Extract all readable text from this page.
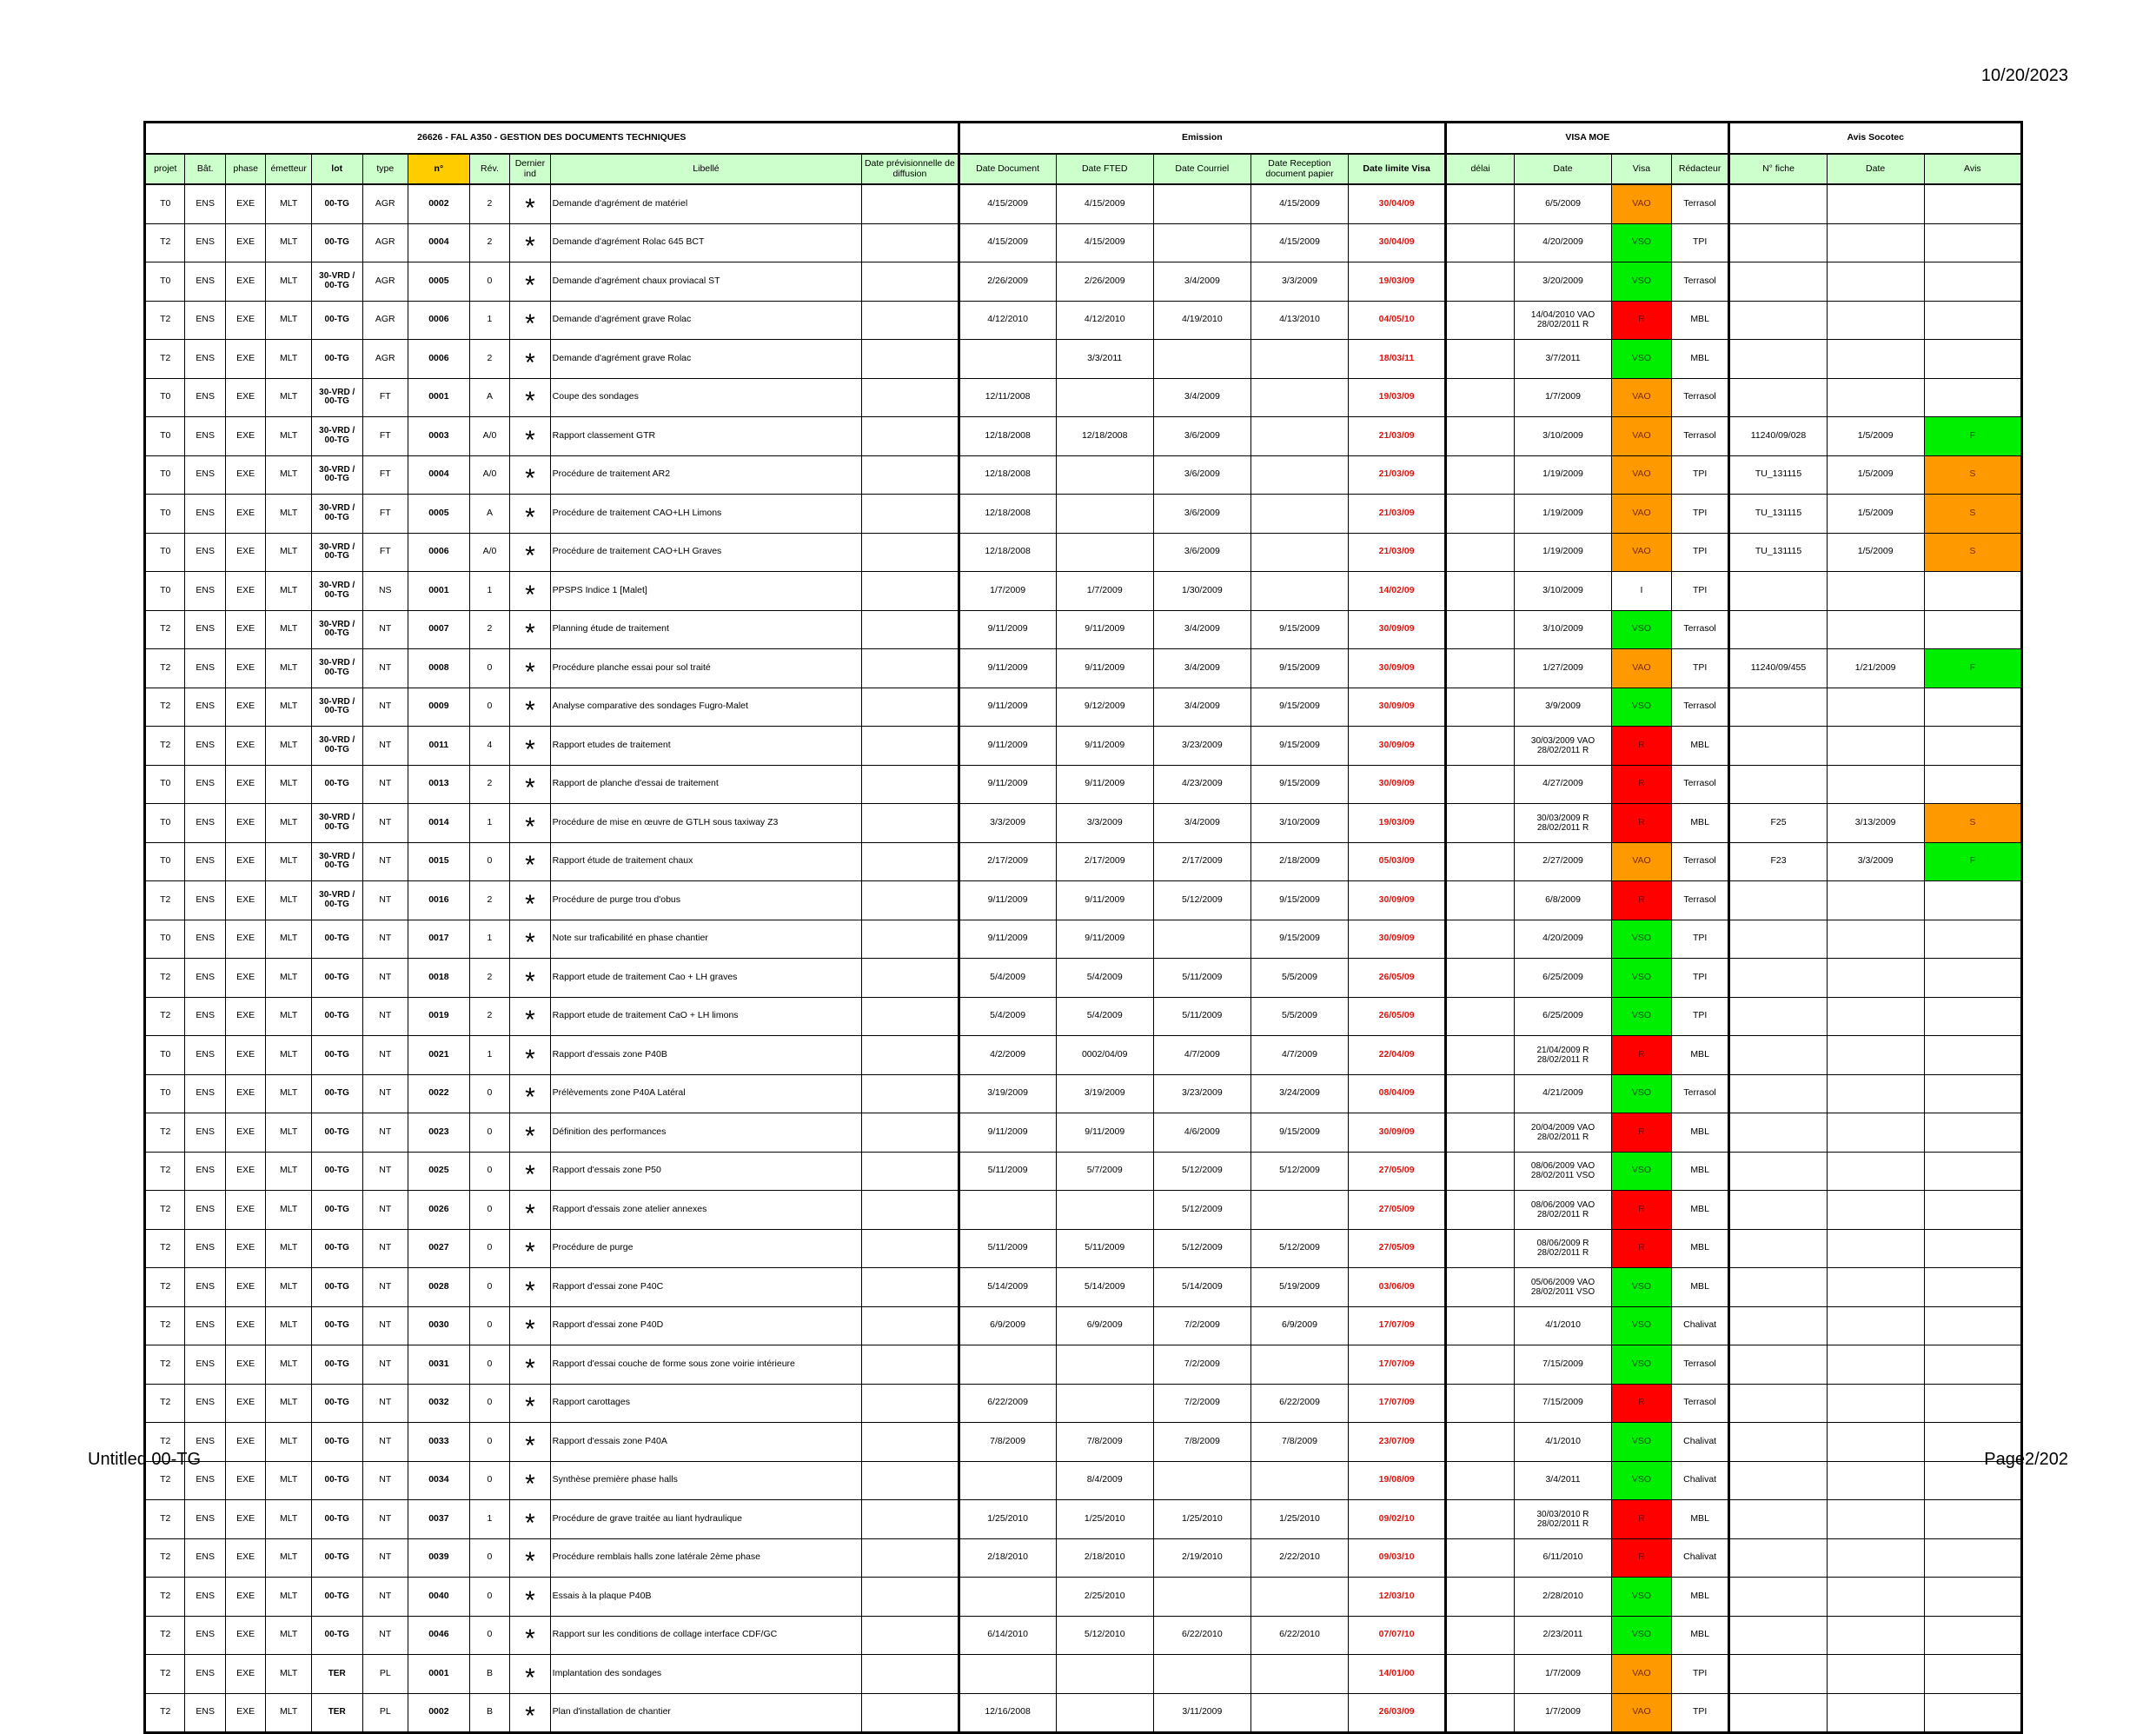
10/20/2023
26626 - FAL A350 - GESTION DES DOCUMENTS TECHNIQUES											Emission					VISA MOE				Avis Socotec		
projet	Bât.	phase	émetteur	lot	type	n°	Rév.	Dernier ind	Libellé	Date prévisionnelle de diffusion	Date Document	Date FTED	Date Courriel	Date Reception document papier	Date limite Visa	délai	Date	Visa	Rédacteur	N° fiche	Date	Avis
T0	ENS	EXE	MLT	00-TG	AGR	0002	2	*	Demande d'agrément de matériel		4/15/2009	4/15/2009		4/15/2009	30/04/09		6/5/2009	VAO	Terrasol			
T2	ENS	EXE	MLT	00-TG	AGR	0004	2	*	Demande d'agrément Rolac 645 BCT		4/15/2009	4/15/2009		4/15/2009	30/04/09		4/20/2009	VSO	TPI			
T0	ENS	EXE	MLT	30-VRD / 00-TG	AGR	0005	0	*	Demande d'agrément chaux proviacal ST		2/26/2009	2/26/2009	3/4/2009	3/3/2009	19/03/09		3/20/2009	VSO	Terrasol			
T2	ENS	EXE	MLT	00-TG	AGR	0006	1	*	Demande d'agrément grave Rolac		4/12/2010	4/12/2010	4/19/2010	4/13/2010	04/05/10		14/04/2010 VAO 28/02/2011 R	R	MBL			
T2	ENS	EXE	MLT	00-TG	AGR	0006	2	*	Demande d'agrément grave Rolac			3/3/2011			18/03/11		3/7/2011	VSO	MBL			
T0	ENS	EXE	MLT	30-VRD / 00-TG	FT	0001	A	*	Coupe des sondages		12/11/2008		3/4/2009		19/03/09		1/7/2009	VAO	Terrasol			
T0	ENS	EXE	MLT	30-VRD / 00-TG	FT	0003	A/0	*	Rapport classement GTR		12/18/2008	12/18/2008	3/6/2009		21/03/09		3/10/2009	VAO	Terrasol	11240/09/028	1/5/2009	F
T0	ENS	EXE	MLT	30-VRD / 00-TG	FT	0004	A/0	*	Procédure de traitement AR2		12/18/2008		3/6/2009		21/03/09		1/19/2009	VAO	TPI	TU_131115	1/5/2009	S
T0	ENS	EXE	MLT	30-VRD / 00-TG	FT	0005	A	*	Procédure de traitement CAO+LH Limons		12/18/2008		3/6/2009		21/03/09		1/19/2009	VAO	TPI	TU_131115	1/5/2009	S
T0	ENS	EXE	MLT	30-VRD / 00-TG	FT	0006	A/0	*	Procédure de traitement CAO+LH Graves		12/18/2008		3/6/2009		21/03/09		1/19/2009	VAO	TPI	TU_131115	1/5/2009	S
T0	ENS	EXE	MLT	30-VRD / 00-TG	NS	0001	1	*	PPSPS Indice 1 [Malet]		1/7/2009	1/7/2009	1/30/2009		14/02/09		3/10/2009	I	TPI			
T2	ENS	EXE	MLT	30-VRD / 00-TG	NT	0007	2	*	Planning étude de traitement		9/11/2009	9/11/2009	3/4/2009	9/15/2009	30/09/09		3/10/2009	VSO	Terrasol			
T2	ENS	EXE	MLT	30-VRD / 00-TG	NT	0008	0	*	Procédure planche essai pour sol traité		9/11/2009	9/11/2009	3/4/2009	9/15/2009	30/09/09		1/27/2009	VAO	TPI	11240/09/455	1/21/2009	F
T2	ENS	EXE	MLT	30-VRD / 00-TG	NT	0009	0	*	Analyse comparative des sondages Fugro-Malet		9/11/2009	9/12/2009	3/4/2009	9/15/2009	30/09/09		3/9/2009	VSO	Terrasol			
T2	ENS	EXE	MLT	30-VRD / 00-TG	NT	0011	4	*	Rapport etudes de traitement		9/11/2009	9/11/2009	3/23/2009	9/15/2009	30/09/09		30/03/2009 VAO 28/02/2011 R	R	MBL			
T0	ENS	EXE	MLT	00-TG	NT	0013	2	*	Rapport de planche d'essai de traitement		9/11/2009	9/11/2009	4/23/2009	9/15/2009	30/09/09		4/27/2009	R	Terrasol			
T0	ENS	EXE	MLT	30-VRD / 00-TG	NT	0014	1	*	Procédure de mise en œuvre de GTLH sous taxiway Z3		3/3/2009	3/3/2009	3/4/2009	3/10/2009	19/03/09		30/03/2009 R 28/02/2011 R	R	MBL	F25	3/13/2009	S
T0	ENS	EXE	MLT	30-VRD / 00-TG	NT	0015	0	*	Rapport étude de traitement chaux		2/17/2009	2/17/2009	2/17/2009	2/18/2009	05/03/09		2/27/2009	VAO	Terrasol	F23	3/3/2009	F
T2	ENS	EXE	MLT	30-VRD / 00-TG	NT	0016	2	*	Procédure de purge trou d'obus		9/11/2009	9/11/2009	5/12/2009	9/15/2009	30/09/09		6/8/2009	R	Terrasol			
T0	ENS	EXE	MLT	00-TG	NT	0017	1	*	Note sur traficabilité en phase chantier		9/11/2009	9/11/2009		9/15/2009	30/09/09		4/20/2009	VSO	TPI			
T2	ENS	EXE	MLT	00-TG	NT	0018	2	*	Rapport etude de traitement Cao + LH graves		5/4/2009	5/4/2009	5/11/2009	5/5/2009	26/05/09		6/25/2009	VSO	TPI			
T2	ENS	EXE	MLT	00-TG	NT	0019	2	*	Rapport etude de traitement CaO + LH limons		5/4/2009	5/4/2009	5/11/2009	5/5/2009	26/05/09		6/25/2009	VSO	TPI			
T0	ENS	EXE	MLT	00-TG	NT	0021	1	*	Rapport d'essais zone P40B		4/2/2009	0002/04/09	4/7/2009	4/7/2009	22/04/09		21/04/2009 R 28/02/2011 R	R	MBL			
T0	ENS	EXE	MLT	00-TG	NT	0022	0	*	Prélèvements zone P40A Latéral		3/19/2009	3/19/2009	3/23/2009	3/24/2009	08/04/09		4/21/2009	VSO	Terrasol			
T2	ENS	EXE	MLT	00-TG	NT	0023	0	*	Définition des performances		9/11/2009	9/11/2009	4/6/2009	9/15/2009	30/09/09		20/04/2009 VAO 28/02/2011 R	R	MBL			
T2	ENS	EXE	MLT	00-TG	NT	0025	0	*	Rapport d'essais zone P50		5/11/2009	5/7/2009	5/12/2009	5/12/2009	27/05/09		08/06/2009 VAO 28/02/2011 VSO	VSO	MBL			
T2	ENS	EXE	MLT	00-TG	NT	0026	0	*	Rapport d'essais zone atelier annexes				5/12/2009		27/05/09		08/06/2009 VAO 28/02/2011 R	R	MBL			
T2	ENS	EXE	MLT	00-TG	NT	0027	0	*	Procédure de purge		5/11/2009	5/11/2009	5/12/2009	5/12/2009	27/05/09		08/06/2009 R 28/02/2011 R	R	MBL			
T2	ENS	EXE	MLT	00-TG	NT	0028	0	*	Rapport d'essai zone P40C		5/14/2009	5/14/2009	5/14/2009	5/19/2009	03/06/09		05/06/2009 VAO 28/02/2011 VSO	VSO	MBL			
T2	ENS	EXE	MLT	00-TG	NT	0030	0	*	Rapport d'essai zone P40D		6/9/2009	6/9/2009	7/2/2009	6/9/2009	17/07/09		4/1/2010	VSO	Chalivat			
T2	ENS	EXE	MLT	00-TG	NT	0031	0	*	Rapport d'essai couche de forme sous zone voirie intérieure				7/2/2009		17/07/09		7/15/2009	VSO	Terrasol			
T2	ENS	EXE	MLT	00-TG	NT	0032	0	*	Rapport carottages		6/22/2009		7/2/2009	6/22/2009	17/07/09		7/15/2009	R	Terrasol			
T2	ENS	EXE	MLT	00-TG	NT	0033	0	*	Rapport d'essais zone P40A		7/8/2009	7/8/2009	7/8/2009	7/8/2009	23/07/09		4/1/2010	VSO	Chalivat			
T2	ENS	EXE	MLT	00-TG	NT	0034	0	*	Synthèse première phase halls			8/4/2009			19/08/09		3/4/2011	VSO	Chalivat			
T2	ENS	EXE	MLT	00-TG	NT	0037	1	*	Procédure de grave traitée au liant hydraulique		1/25/2010	1/25/2010	1/25/2010	1/25/2010	09/02/10		30/03/2010 R 28/02/2011 R	R	MBL			
T2	ENS	EXE	MLT	00-TG	NT	0039	0	*	Procédure remblais halls zone latérale 2ème phase		2/18/2010	2/18/2010	2/19/2010	2/22/2010	09/03/10		6/11/2010	R	Chalivat			
T2	ENS	EXE	MLT	00-TG	NT	0040	0	*	Essais à la plaque P40B			2/25/2010			12/03/10		2/28/2010	VSO	MBL			
T2	ENS	EXE	MLT	00-TG	NT	0046	0	*	Rapport sur les conditions de collage interface CDF/GC		6/14/2010	5/12/2010	6/22/2010	6/22/2010	07/07/10		2/23/2011	VSO	MBL			
T2	ENS	EXE	MLT	TER	PL	0001	B	*	Implantation des sondages						14/01/00		1/7/2009	VAO	TPI			
T2	ENS	EXE	MLT	TER	PL	0002	B	*	Plan d'installation de chantier		12/16/2008		3/11/2009		26/03/09		1/7/2009	VAO	TPI			
Untitled 00-TG	Page2/202
